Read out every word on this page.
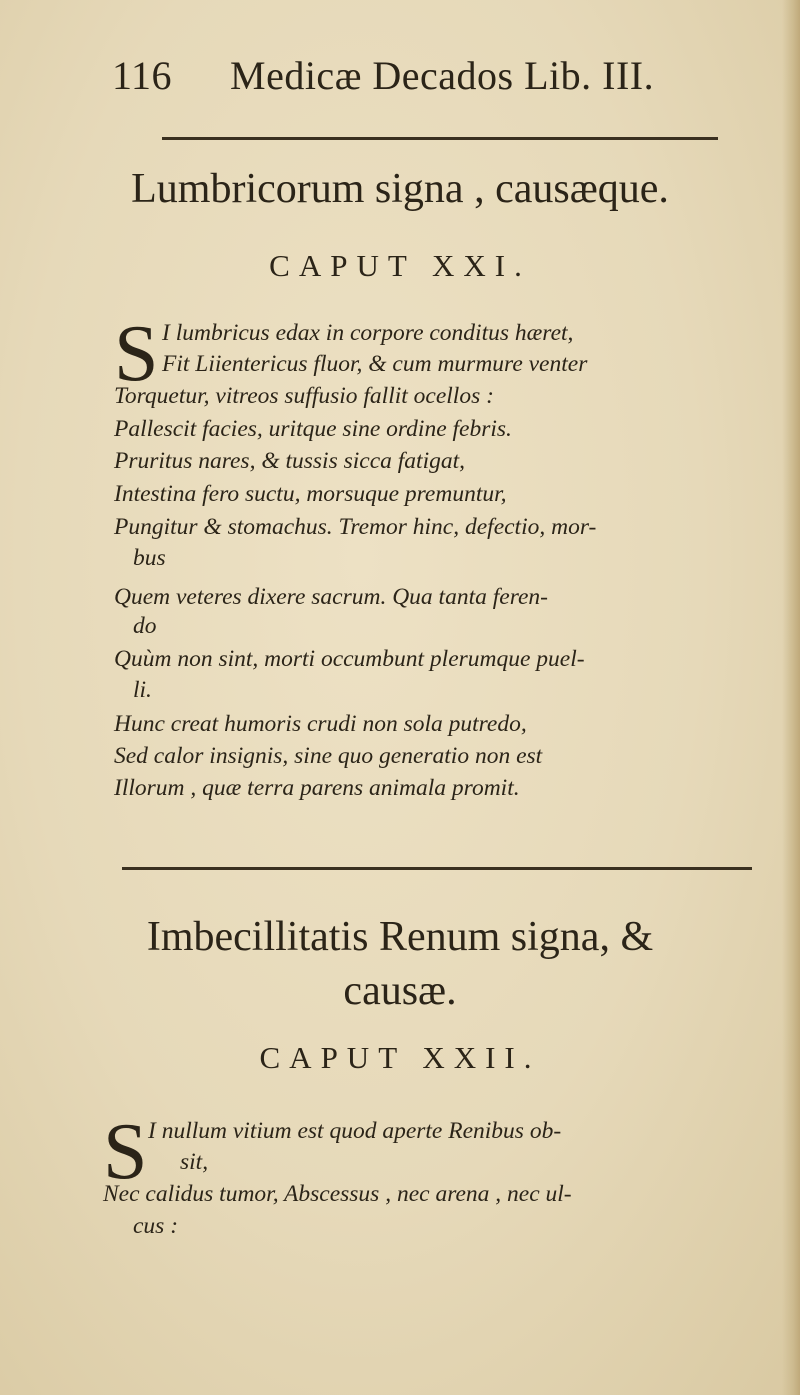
116 Medicæ Decados Lib. III.
Lumbricorum signa , causæque.
CAPUT XXI.
S I lumbricus edax in corpore conditus hæret,
Fit Liientericus fluor, & cum murmure venter
Torquetur, vitreos suffusio fallit ocellos :
Pallescit facies, uritque sine ordine febris.
Pruritus nares, & tussis sicca fatigat,
Intestina fero suctu, morsuque premuntur,
Pungitur & stomachus. Tremor hinc, defectio, mor-
bus
Quem veteres dixere sacrum. Qua tanta feren-
do
Quùm non sint, morti occumbunt plerumque puel-
li.
Hunc creat humoris crudi non sola putredo,
Sed calor insignis, sine quo generatio non est
Illorum , quæ terra parens animala promit.
Imbecillitatis Renum signa, &
causæ.
CAPUT XXII.
S I nullum vitium est quod aperte Renibus ob-
sit,
Nec calidus tumor, Abscessus , nec arena , nec ul-
cus :
